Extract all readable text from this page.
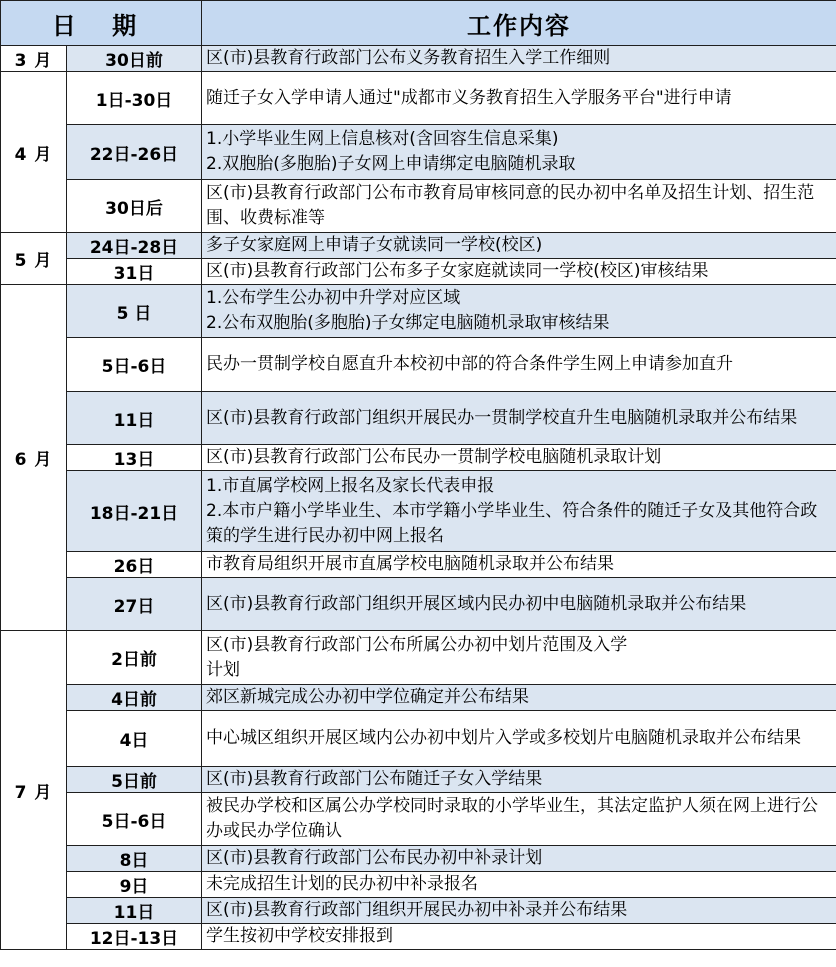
日 期		工作内容
3 月	30日前	区(市)县教育行政部门公布义务教育招生入学工作细则
4 月	1日-30日	随迁子女入学申请人通过"成都市义务教育招生入学服务平台"进行申请
	22日-26日	1.小学毕业生网上信息核对(含回容生信息采集)
2.双胞胎(多胞胎)子女网上申请绑定电脑随机录取

	30日后	区(市)县教育行政部门公布市教育局审核同意的民办初中名单及招生计划、招生范围、收费标准等
5 月	24日-28日	多子女家庭网上申请子女就读同一学校(校区)
	31日	区(市)县教育行政部门公布多子女家庭就读同一学校(校区)审核结果
6 月	5 日	1.公布学生公办初中升学对应区域
2.公布双胞胎(多胞胎)子女绑定电脑随机录取审核结果

	5日-6日	民办一贯制学校自愿直升本校初中部的符合条件学生网上申请参加直升
	11日	区(市)县教育行政部门组织开展民办一贯制学校直升生电脑随机录取并公布结果
	13日	区(市)县教育行政部门公布民办一贯制学校电脑随机录取计划
	18日-21日	1.市直属学校网上报名及家长代表申报
2.本市户籍小学毕业生、本市学籍小学毕业生、符合条件的随迁子女及其他符合政策的学生进行民办初中网上报名

	26日	市教育局组织开展市直属学校电脑随机录取并公布结果
	27日	区(市)县教育行政部门组织开展区域内民办初中电脑随机录取并公布结果
7 月	2日前	区(市)县教育行政部门公布所属公办初中划片范围及入学
计划

	4日前	郊区新城完成公办初中学位确定并公布结果
	4日	中心城区组织开展区域内公办初中划片入学或多校划片电脑随机录取并公布结果
	5日前	区(市)县教育行政部门公布随迁子女入学结果
	5日-6日	被民办学校和区属公办学校同时录取的小学毕业生，其法定监护人须在网上进行公办或民办学位确认
	8日	区(市)县教育行政部门公布民办初中补录计划
	9日	未完成招生计划的民办初中补录报名
	11日	区(市)县教育行政部门组织开展民办初中补录并公布结果
	12日-13日	学生按初中学校安排报到
